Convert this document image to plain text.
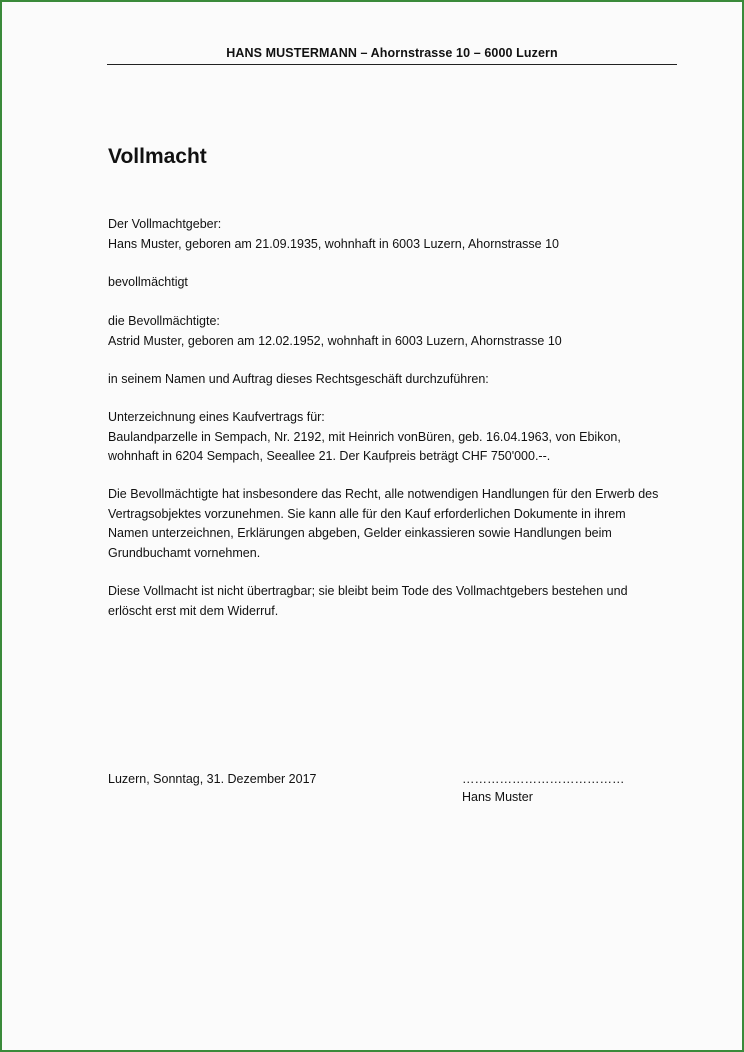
HANS MUSTERMANN – Ahornstrasse 10 – 6000 Luzern
Vollmacht
Der Vollmachtgeber:
Hans Muster, geboren am 21.09.1935, wohnhaft in 6003 Luzern, Ahornstrasse 10
bevollmächtigt
die Bevollmächtigte:
Astrid Muster, geboren am 12.02.1952, wohnhaft in 6003 Luzern, Ahornstrasse 10
in seinem Namen und Auftrag dieses Rechtsgeschäft durchzuführen:
Unterzeichnung eines Kaufvertrags für:
Baulandparzelle in Sempach, Nr. 2192, mit Heinrich vonBüren, geb. 16.04.1963, von Ebikon,
wohnhaft in 6204 Sempach, Seeallee 21. Der Kaufpreis beträgt CHF 750'000.--.
Die Bevollmächtigte hat insbesondere das Recht, alle notwendigen Handlungen für den Erwerb des
Vertragsobjektes vorzunehmen. Sie kann alle für den Kauf erforderlichen Dokumente in ihrem
Namen unterzeichnen, Erklärungen abgeben, Gelder einkassieren sowie Handlungen beim
Grundbuchamt vornehmen.
Diese Vollmacht ist nicht übertragbar; sie bleibt beim Tode des Vollmachtgebers bestehen und
erlöscht erst mit dem Widerruf.
Luzern, Sonntag, 31. Dezember 2017	…………………………………
Hans Muster
